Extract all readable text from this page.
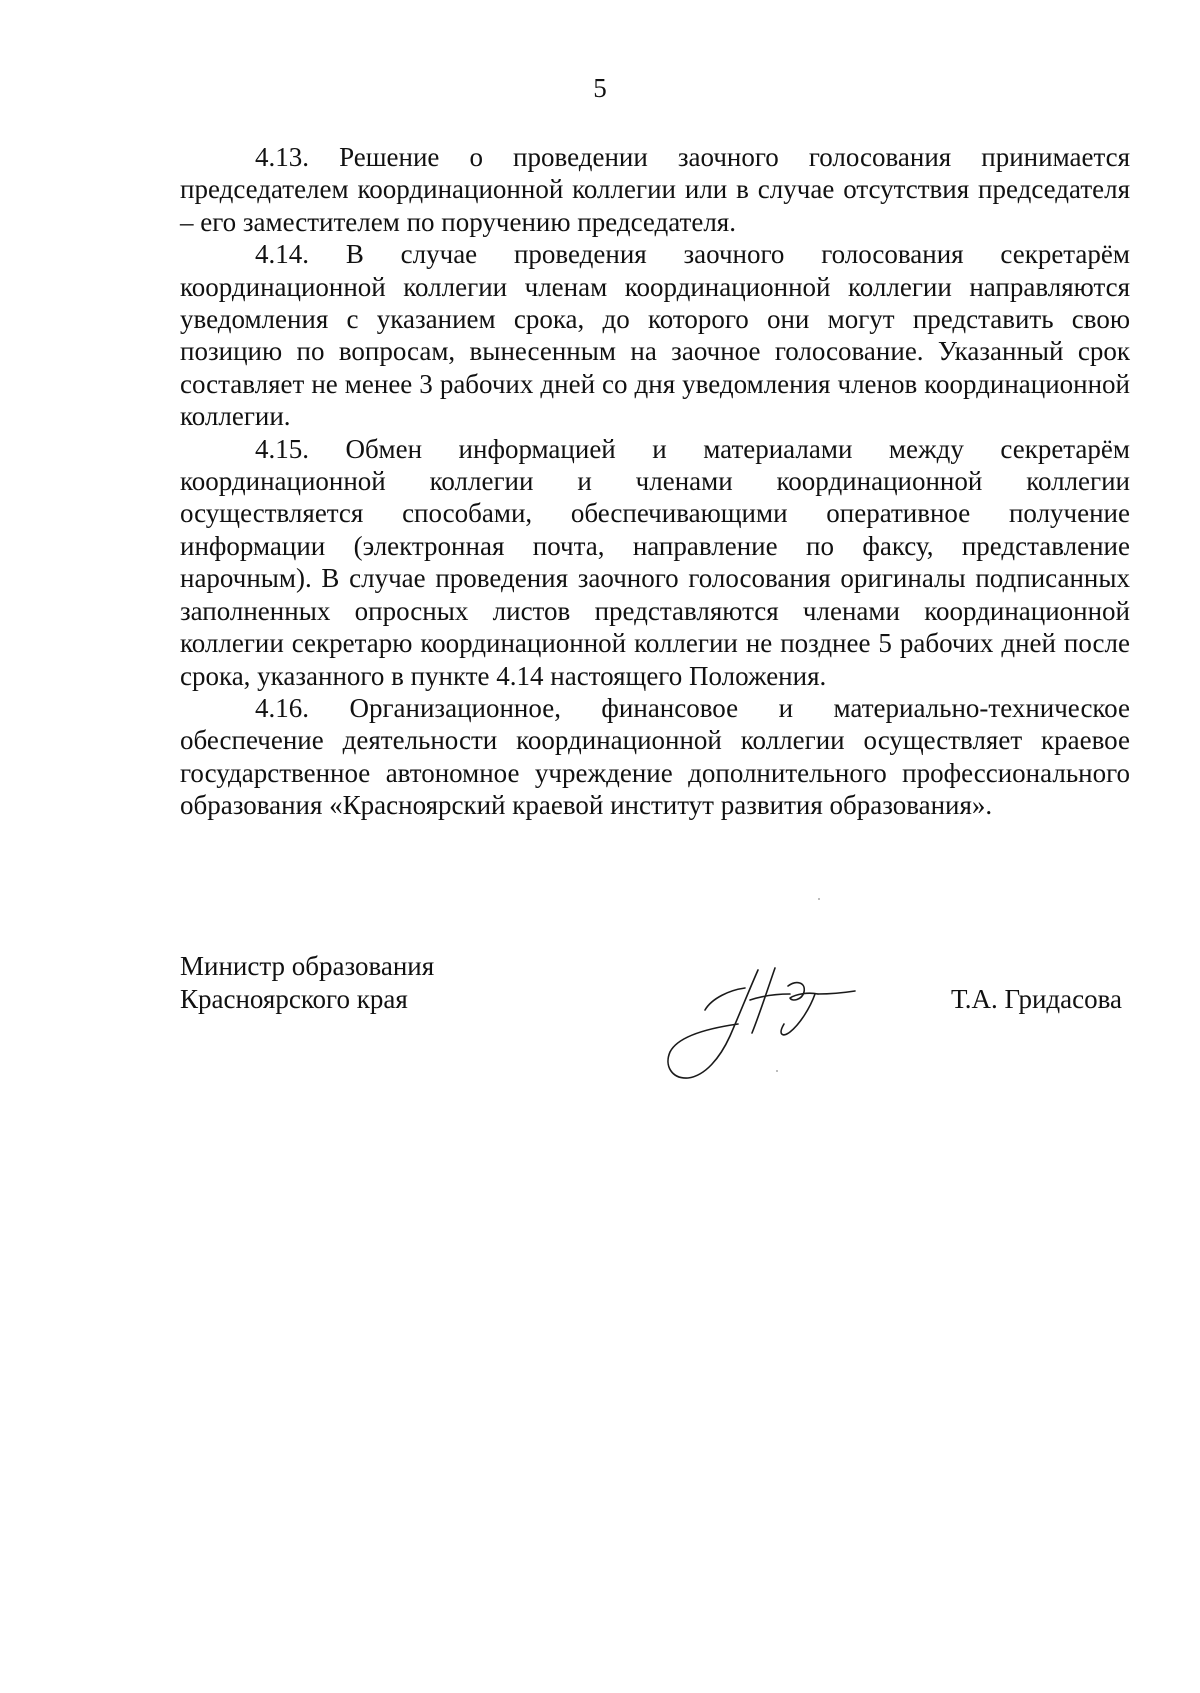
5

4.13. Решение о проведении заочного голосования принимается председателем координационной коллегии или в случае отсутствия председателя – его заместителем по поручению председателя.

4.14. В случае проведения заочного голосования секретарём координационной коллегии членам координационной коллегии направляются уведомления с указанием срока, до которого они могут представить свою позицию по вопросам, вынесенным на заочное голосование. Указанный срок составляет не менее 3 рабочих дней со дня уведомления членов координационной коллегии.

4.15. Обмен информацией и материалами между секретарём координационной коллегии и членами координационной коллегии осуществляется способами, обеспечивающими оперативное получение информации (электронная почта, направление по факсу, представление нарочным). В случае проведения заочного голосования оригиналы подписанных заполненных опросных листов представляются членами координационной коллегии секретарю координационной коллегии не позднее 5 рабочих дней после срока, указанного в пункте 4.14 настоящего Положения.

4.16. Организационное, финансовое и материально-техническое обеспечение деятельности координационной коллегии осуществляет краевое государственное автономное учреждение дополнительного профессионального образования «Красноярский краевой институт развития образования».

Министр образования
Красноярского края	Т.А. Гридасова
